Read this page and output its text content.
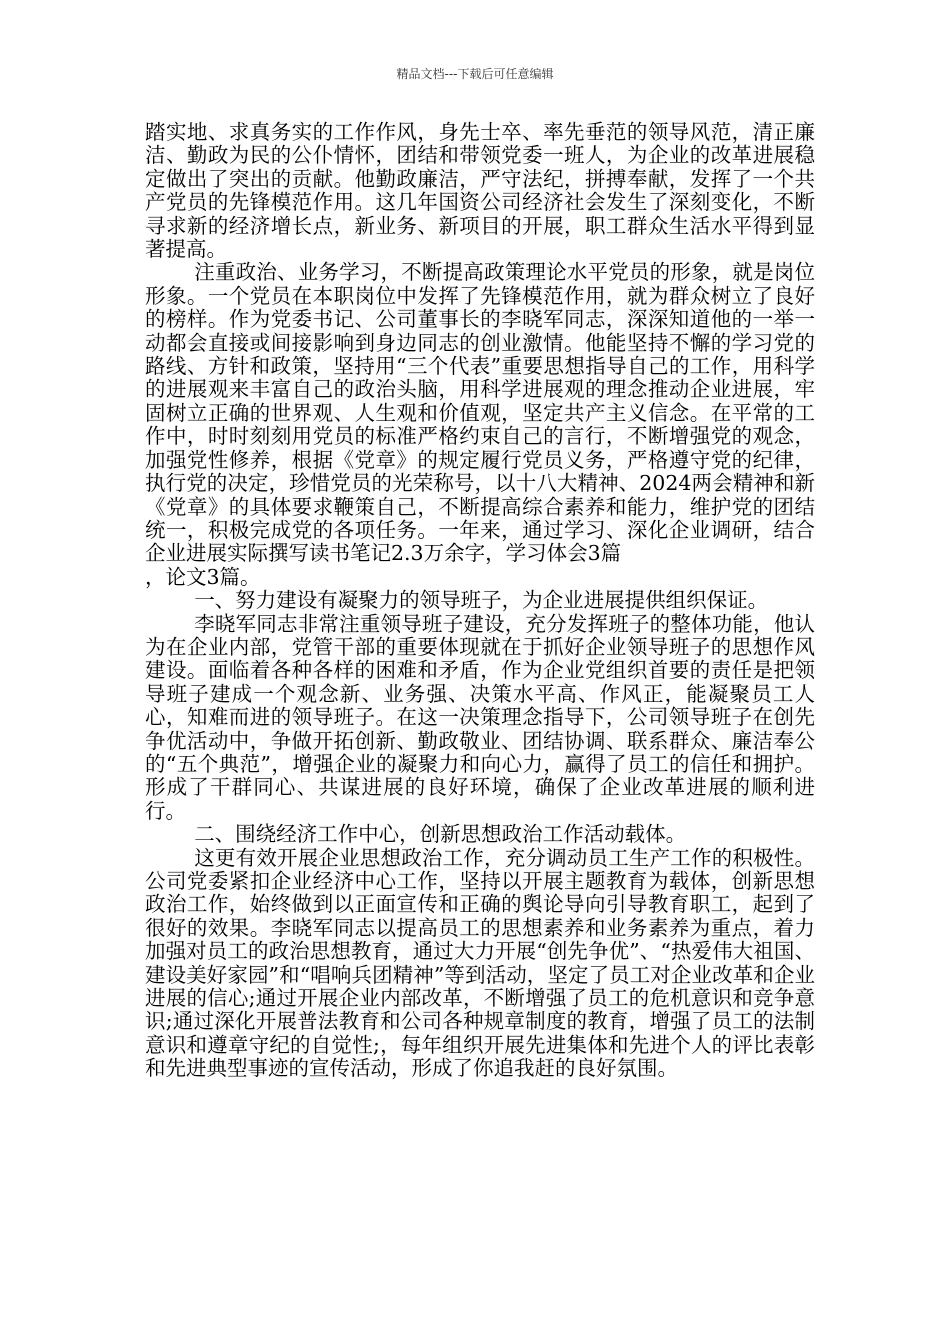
精品文档---下载后可任意编辑

踏实地、求真务实的工作作风，身先士卒、率先垂范的领导风范，清正廉洁、勤政为民的公仆情怀，团结和带领党委一班人，为企业的改革进展稳定做出了突出的贡献。他勤政廉洁，严守法纪，拼搏奉献，发挥了一个共产党员的先锋模范作用。这几年国资公司经济社会发生了深刻变化，不断寻求新的经济增长点，新业务、新项目的开展，职工群众生活水平得到显著提高。

注重政治、业务学习，不断提高政策理论水平党员的形象，就是岗位形象。一个党员在本职岗位中发挥了先锋模范作用，就为群众树立了良好的榜样。作为党委书记、公司董事长的李晓军同志，深深知道他的一举一动都会直接或间接影响到身边同志的创业激情。他能坚持不懈的学习党的路线、方针和政策，坚持用“三个代表”重要思想指导自己的工作，用科学的进展观来丰富自己的政治头脑，用科学进展观的理念推动企业进展，牢固树立正确的世界观、人生观和价值观，坚定共产主义信念。在平常的工作中，时时刻刻用党员的标准严格约束自己的言行，不断增强党的观念，加强党性修养，根据《党章》的规定履行党员义务，严格遵守党的纪律，执行党的决定，珍惜党员的光荣称号，以十八大精神、2024两会精神和新《党章》的具体要求鞭策自己，不断提高综合素养和能力，维护党的团结统一，积极完成党的各项任务。一年来，通过学习、深化企业调研，结合企业进展实际撰写读书笔记2.3万余字，学习体会3篇

，论文3篇。

一、努力建设有凝聚力的领导班子，为企业进展提供组织保证。

李晓军同志非常注重领导班子建设，充分发挥班子的整体功能，他认为在企业内部，党管干部的重要体现就在于抓好企业领导班子的思想作风建设。面临着各种各样的困难和矛盾，作为企业党组织首要的责任是把领导班子建成一个观念新、业务强、决策水平高、作风正，能凝聚员工人心，知难而进的领导班子。在这一决策理念指导下，公司领导班子在创先争优活动中，争做开拓创新、勤政敬业、团结协调、联系群众、廉洁奉公的“五个典范”，增强企业的凝聚力和向心力，赢得了员工的信任和拥护。形成了干群同心、共谋进展的良好环境，确保了企业改革进展的顺利进行。

二、围绕经济工作中心，创新思想政治工作活动载体。

这更有效开展企业思想政治工作，充分调动员工生产工作的积极性。公司党委紧扣企业经济中心工作，坚持以开展主题教育为载体，创新思想政治工作，始终做到以正面宣传和正确的舆论导向引导教育职工，起到了很好的效果。李晓军同志以提高员工的思想素养和业务素养为重点，着力加强对员工的政治思想教育，通过大力开展“创先争优”、“热爱伟大祖国、建设美好家园”和“唱响兵团精神”等到活动，坚定了员工对企业改革和企业进展的信心;通过开展企业内部改革，不断增强了员工的危机意识和竞争意识;通过深化开展普法教育和公司各种规章制度的教育，增强了员工的法制意识和遵章守纪的自觉性;，每年组织开展先进集体和先进个人的评比表彰和先进典型事迹的宣传活动，形成了你追我赶的良好氛围。
